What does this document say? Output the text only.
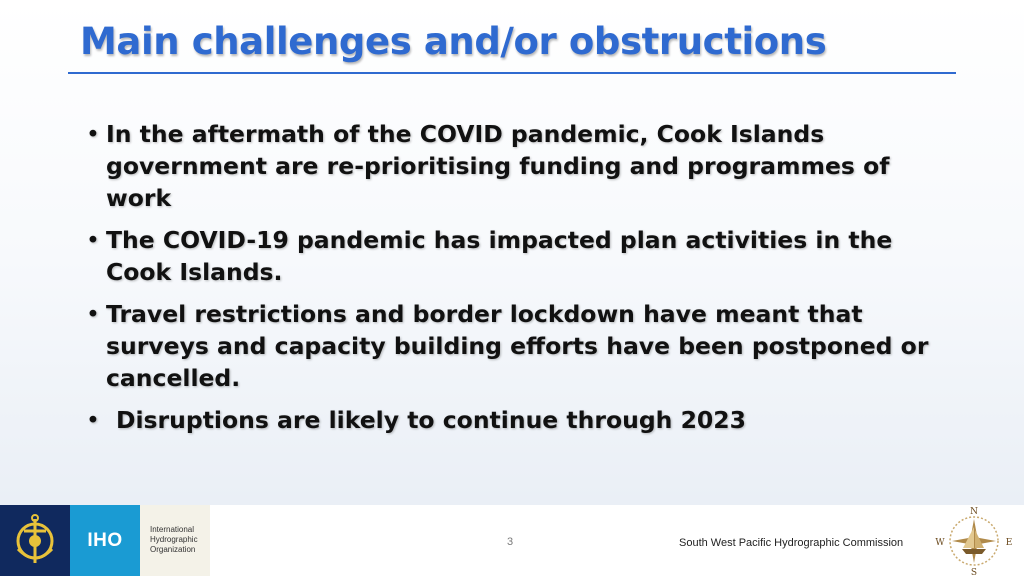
Main challenges and/or obstructions
• In the aftermath of the COVID pandemic, Cook Islands government are re-prioritising funding and programmes of work
• The COVID-19 pandemic has impacted plan activities in the Cook Islands.
• Travel restrictions and border lockdown have meant that surveys and capacity building efforts have been postponed or cancelled.
• Disruptions are likely to continue through 2023
IHO
International
Hydrographic
Organization
3	South West Pacific Hydrographic Commission
N
E
S
W
